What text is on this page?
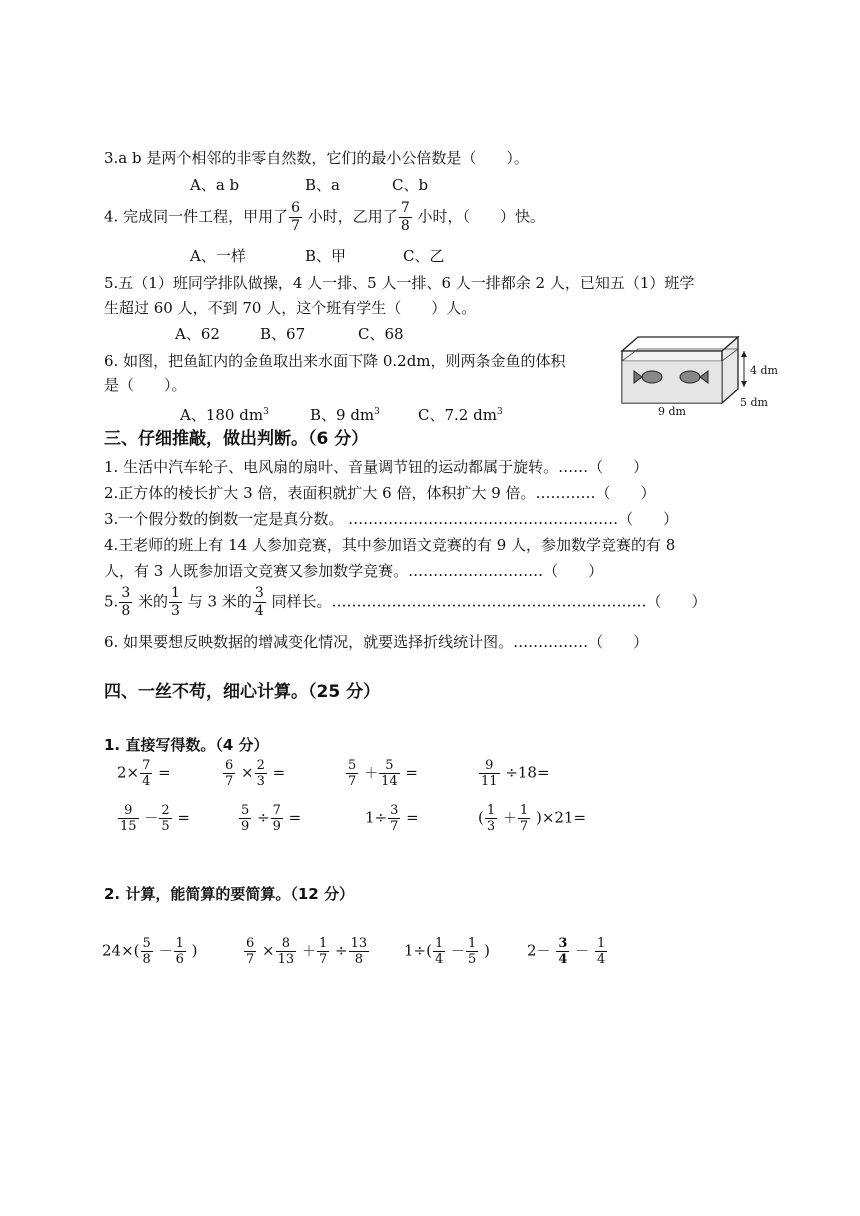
3.a b 是两个相邻的非零自然数，它们的最小公倍数是（　　）。
A、a b	B、a	C、b
4. 完成同一件工程，甲用了 $\frac{6}{7}$ 小时，乙用了 $\frac{7}{8}$ 小时，（　　）快。
A、一样	B、甲	C、乙
5.五（1）班同学排队做操，4 人一排、5 人一排、6 人一排都余 2 人，已知五（1）班学
生超过 60 人，不到 70 人，这个班有学生（　　）人。
A、62	B、67	C、68
6. 如图，把鱼缸内的金鱼取出来水面下降 0.2dm，则两条金鱼的体积
是（　　）。
A、180 $dm^3$	B、9 $dm^3$	C、7.2 $dm^3$
4 dm
5 dm
9 dm
三、仔细推敲，做出判断。（6 分）
1. 生活中汽车轮子、电风扇的扇叶、音量调节钮的运动都属于旋转。……（　　）
2.正方体的棱长扩大 3 倍，表面积就扩大 6 倍，体积扩大 9 倍。…………（　　）
3.一个假分数的倒数一定是真分数。 ………………………………………………（　　）
4.王老师的班上有 14 人参加竞赛，其中参加语文竞赛的有 9 人，参加数学竞赛的有 8
人，有 3 人既参加语文竞赛又参加数学竞赛。………………………（　　）
5. $\frac{3}{8}$ 米的 $\frac{1}{3}$ 与 3 米的 $\frac{3}{4}$ 同样长。………………………………………………………（　　）
6. 如果要想反映数据的增减变化情况，就要选择折线统计图。……………（　　）
四、一丝不苟，细心计算。（25 分）
1. 直接写得数。（4 分）
$2\times \frac{7}{4}$ =	$\frac{6}{7} \times \frac{2}{3}$ =	$\frac{5}{7} + \frac{5}{14}$ =	$\frac{9}{11} \div 18=$
$\frac{9}{15} - \frac{2}{5}$ =	$\frac{5}{9} \div \frac{7}{9}$ =	$1\div \frac{3}{7}$ =	( $\frac{1}{3} + \frac{1}{7} )\times 21=$
2. 计算，能简算的要简算。（12 分）
$24\times( \frac{5}{8} - \frac{1}{6}$ )	$\frac{6}{7} \times \frac{8}{13} + \frac{1}{7} \div \frac{13}{8} 1\div( \frac{1}{4} - \frac{1}{5}$ ) $2- \frac{3}{4} - \frac{1}{4}$
